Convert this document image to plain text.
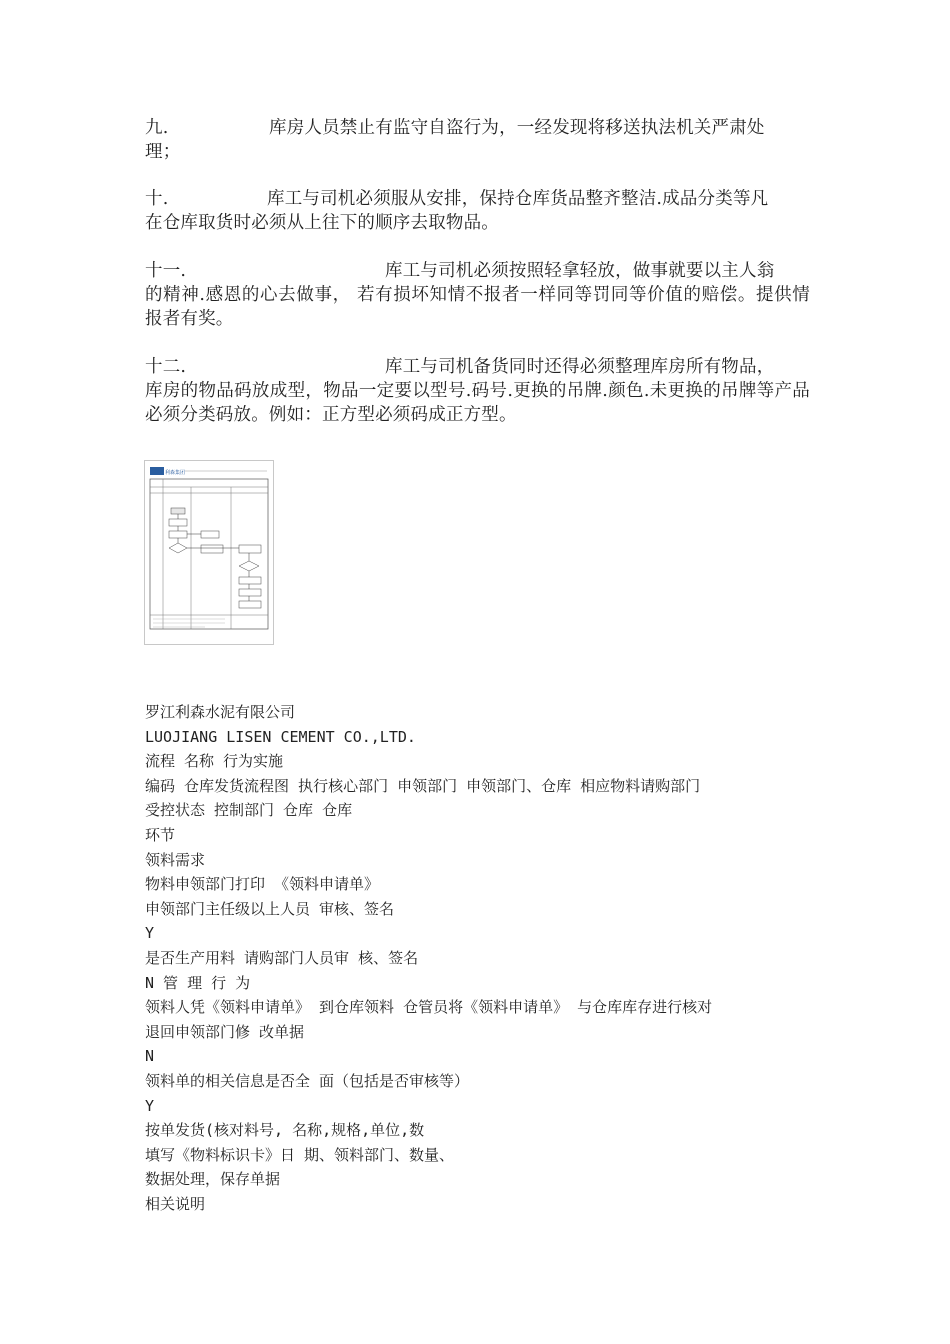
九.	库房人员禁止有监守自盗行为，一经发现将移送执法机关严肃处
理；
十.	库工与司机必须服从安排，保持仓库货品整齐整洁.成品分类等凡
在仓库取货时必须从上往下的顺序去取物品。
十一.	库工与司机必须按照轻拿轻放，做事就要以主人翁
的精神.感恩的心去做事， 若有损坏知情不报者一样同等罚同等价值的赔偿。提供情报者有奖。
十二.	库工与司机备货同时还得必须整理库房所有物品，
库房的物品码放成型，物品一定要以型号.码号.更换的吊牌.颜色.未更换的吊牌等产品必须分类码放。例如：正方型必须码成正方型。
利森集团
罗江利森水泥有限公司
LUOJIANG LISEN CEMENT CO.,LTD.
流程 名称 行为实施
编码 仓库发货流程图 执行核心部门 申领部门 申领部门、仓库 相应物料请购部门
受控状态 控制部门 仓库 仓库
环节
领料需求
物料申领部门打印 《领料申请单》
申领部门主任级以上人员 审核、签名
Y
是否生产用料 请购部门人员审 核、签名
N 管 理 行 为
领料人凭《领料申请单》 到仓库领料 仓管员将《领料申请单》 与仓库库存进行核对
退回申领部门修 改单据
N
领料单的相关信息是否全 面（包括是否审核等）
Y
按单发货(核对料号, 名称,规格,单位,数
填写《物料标识卡》日 期、领料部门、数量、
数据处理，保存单据
相关说明
